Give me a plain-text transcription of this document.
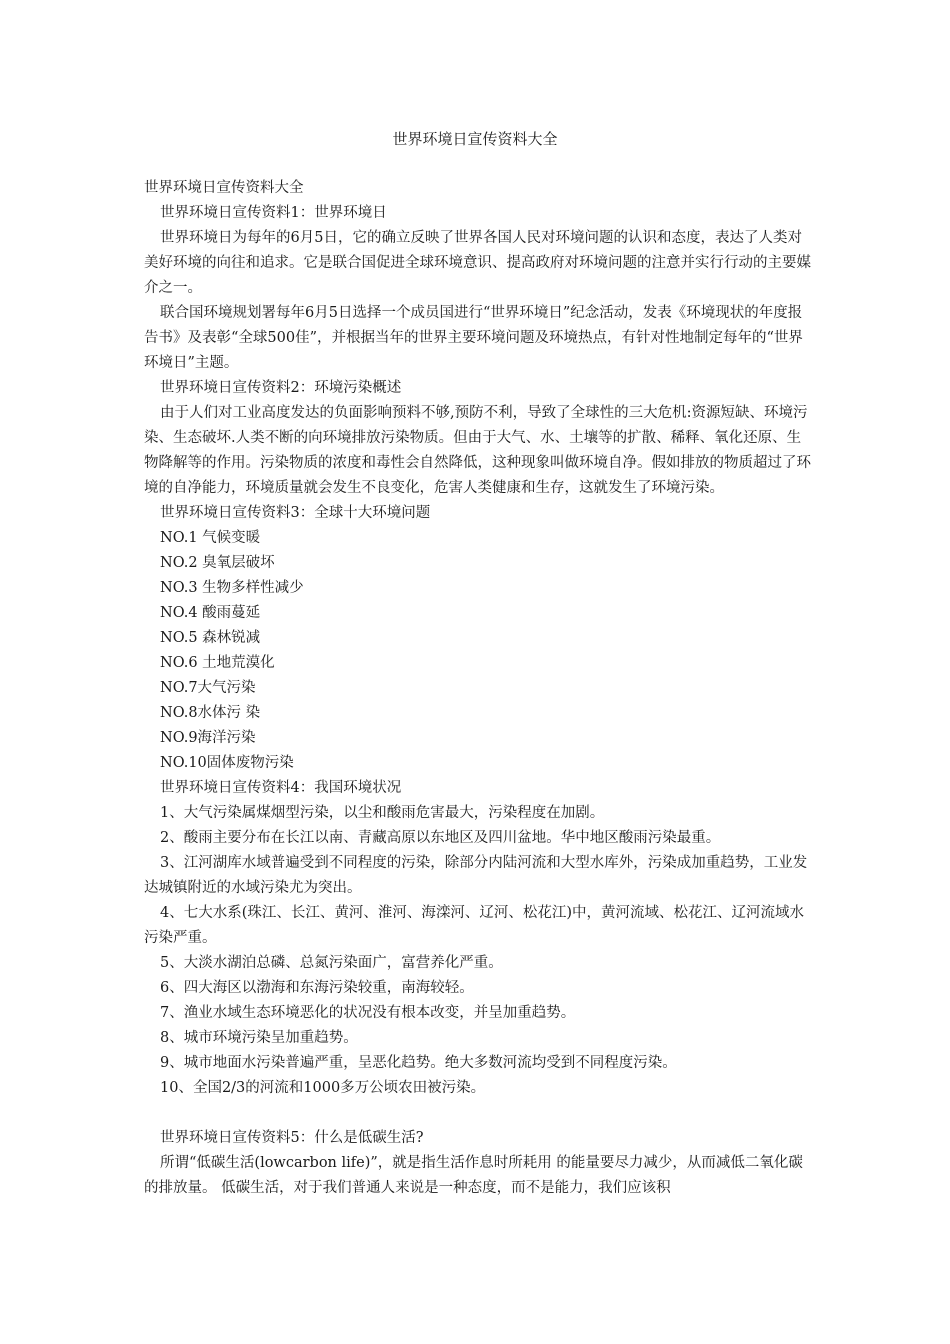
世界环境日宣传资料大全

世界环境日宣传资料大全

世界环境日宣传资料1：世界环境日

世界环境日为每年的6月5日，它的确立反映了世界各国人民对环境问题的认识和态度，表达了人类对美好环境的向往和追求。它是联合国促进全球环境意识、提高政府对环境问题的注意并实行行动的主要媒介之一。

联合国环境规划署每年6月5日选择一个成员国进行“世界环境日”纪念活动，发表《环境现状的年度报告书》及表彰“全球500佳”，并根据当年的世界主要环境问题及环境热点，有针对性地制定每年的“世界环境日”主题。

世界环境日宣传资料2：环境污染概述

由于人们对工业高度发达的负面影响预料不够,预防不利，导致了全球性的三大危机:资源短缺、环境污染、生态破坏.人类不断的向环境排放污染物质。但由于大气、水、土壤等的扩散、稀释、氧化还原、生物降解等的作用。污染物质的浓度和毒性会自然降低，这种现象叫做环境自净。假如排放的物质超过了环境的自净能力，环境质量就会发生不良变化，危害人类健康和生存，这就发生了环境污染。

世界环境日宣传资料3：全球十大环境问题

NO.1 气候变暖

NO.2 臭氧层破坏

NO.3 生物多样性减少

NO.4 酸雨蔓延

NO.5 森林锐减

NO.6 土地荒漠化

NO.7大气污染

NO.8水体污 染

NO.9海洋污染

NO.10固体废物污染

世界环境日宣传资料4：我国环境状况

1、大气污染属煤烟型污染，以尘和酸雨危害最大，污染程度在加剧。

2、酸雨主要分布在长江以南、青藏高原以东地区及四川盆地。华中地区酸雨污染最重。

3、江河湖库水域普遍受到不同程度的污染，除部分内陆河流和大型水库外，污染成加重趋势，工业发达城镇附近的水域污染尤为突出。

4、七大水系(珠江、长江、黄河、淮河、海滦河、辽河、松花江)中，黄河流域、松花江、辽河流域水污染严重。

5、大淡水湖泊总磷、总氮污染面广，富营养化严重。

6、四大海区以渤海和东海污染较重，南海较轻。

7、渔业水域生态环境恶化的状况没有根本改变，并呈加重趋势。

8、城市环境污染呈加重趋势。

9、城市地面水污染普遍严重，呈恶化趋势。绝大多数河流均受到不同程度污染。

10、全国2/3的河流和1000多万公顷农田被污染。

世界环境日宣传资料5：什么是低碳生活?

所谓“低碳生活(lowcarbon life)”，就是指生活作息时所耗用 的能量要尽力减少，从而减低二氧化碳的排放量。 低碳生活，对于我们普通人来说是一种态度，而不是能力，我们应该积
